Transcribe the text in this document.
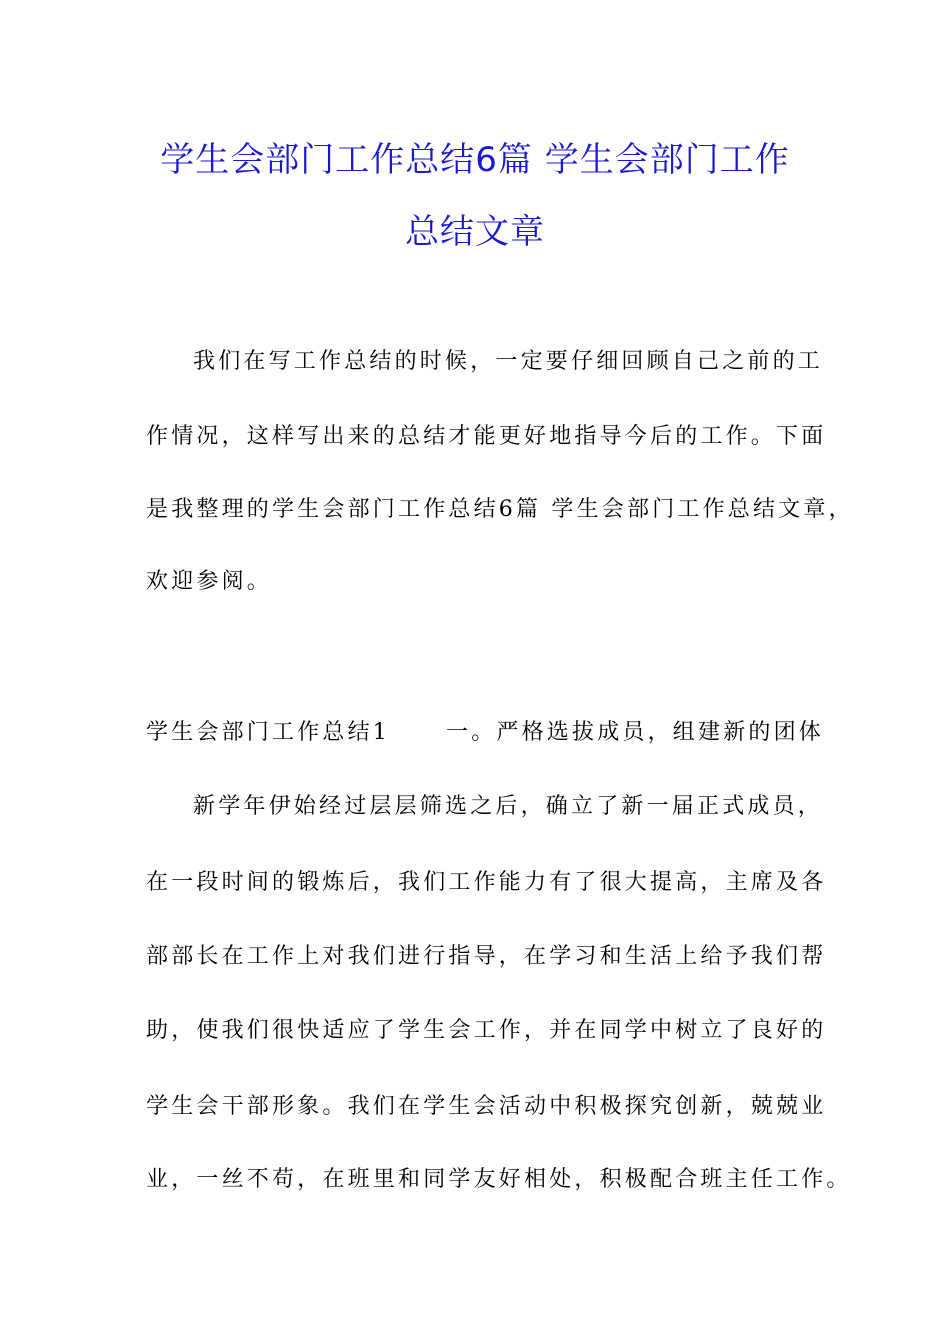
学生会部门工作总结6篇 学生会部门工作
总结文章
我们在写工作总结的时候，一定要仔细回顾自己之前的工
作情况，这样写出来的总结才能更好地指导今后的工作。下面
是我整理的学生会部门工作总结6篇 学生会部门工作总结文章，
欢迎参阅。
学生会部门工作总结1	一。严格选拔成员，组建新的团体
新学年伊始经过层层筛选之后，确立了新一届正式成员，
在一段时间的锻炼后，我们工作能力有了很大提高，主席及各
部部长在工作上对我们进行指导，在学习和生活上给予我们帮
助，使我们很快适应了学生会工作，并在同学中树立了良好的
学生会干部形象。我们在学生会活动中积极探究创新，兢兢业
业，一丝不苟，在班里和同学友好相处，积极配合班主任工作。
